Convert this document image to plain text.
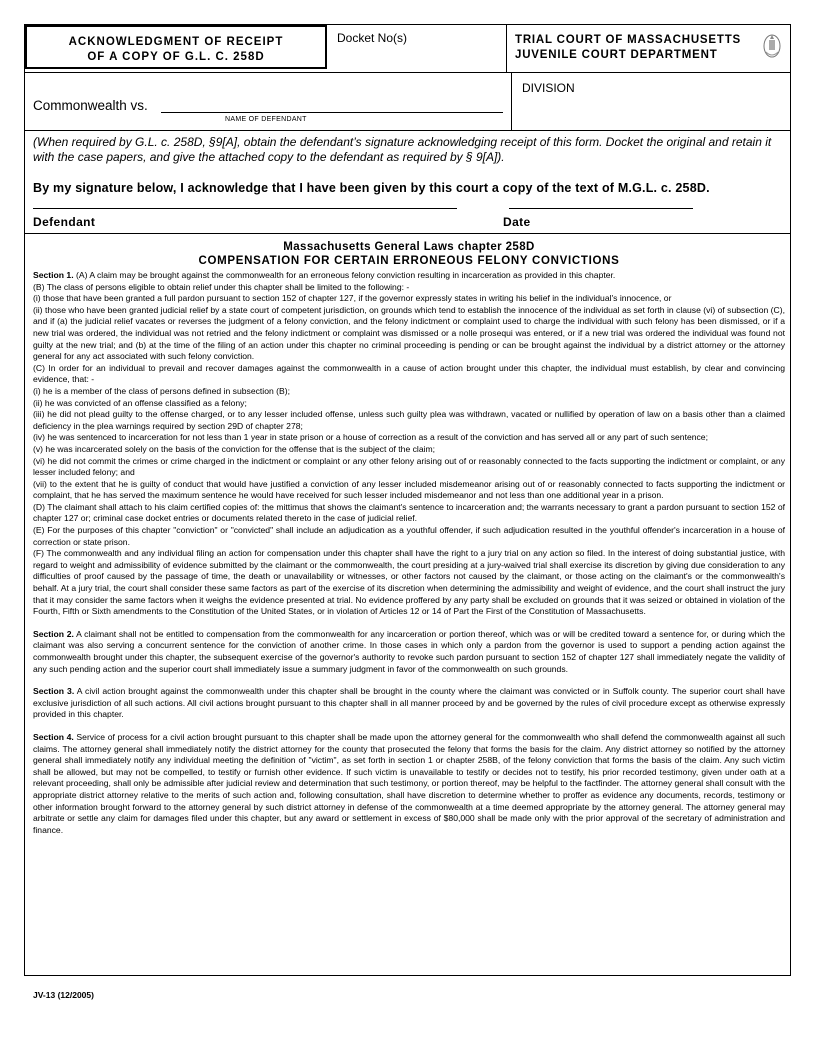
ACKNOWLEDGMENT OF RECEIPT
OF A COPY OF G.L. C. 258D
Docket No(s)	TRIAL COURT OF MASSACHUSETTS
JUVENILE COURT DEPARTMENT
Commonwealth vs.
NAME OF DEFENDANT
DIVISION
(When required by G.L. c. 258D, §9[A], obtain the defendant’s signature acknowledging receipt of this form. Docket the original and retain it with the case papers, and give the attached copy to the defendant as required by § 9[A]).
By my signature below, I acknowledge that I have been given by this court a copy of the text of M.G.L. c. 258D.
Defendant	Date
Massachusetts General Laws chapter 258D
COMPENSATION FOR CERTAIN ERRONEOUS FELONY CONVICTIONS

Section 1. (A) A claim may be brought against the commonwealth for an erroneous felony conviction resulting in incarceration as provided in this chapter.

(B) The class of persons eligible to obtain relief under this chapter shall be limited to the following: -

(i) those that have been granted a full pardon pursuant to section 152 of chapter 127, if the governor expressly states in writing his belief in the individual's innocence, or

(ii) those who have been granted judicial relief by a state court of competent jurisdiction, on grounds which tend to establish the innocence of the individual as set forth in clause (vi) of subsection (C), and if (a) the judicial relief vacates or reverses the judgment of a felony conviction, and the felony indictment or complaint used to charge the individual with such felony has been dismissed, or if a new trial was ordered, the individual was not retried and the felony indictment or complaint was dismissed or a nolle prosequi was entered, or if a new trial was ordered the individual was found not guilty at the new trial; and (b) at the time of the filing of an action under this chapter no criminal proceeding is pending or can be brought against the individual by a district attorney or the attorney general for any act associated with such felony conviction.

(C) In order for an individual to prevail and recover damages against the commonwealth in a cause of action brought under this chapter, the individual must establish, by clear and convincing evidence, that: -

(i) he is a member of the class of persons defined in subsection (B);

(ii) he was convicted of an offense classified as a felony;

(iii) he did not plead guilty to the offense charged, or to any lesser included offense, unless such guilty plea was withdrawn, vacated or nullified by operation of law on a basis other than a claimed deficiency in the plea warnings required by section 29D of chapter 278;

(iv) he was sentenced to incarceration for not less than 1 year in state prison or a house of correction as a result of the conviction and has served all or any part of such sentence;

(v) he was incarcerated solely on the basis of the conviction for the offense that is the subject of the claim;

(vi) he did not commit the crimes or crime charged in the indictment or complaint or any other felony arising out of or reasonably connected to the facts supporting the indictment or complaint, or any lesser included felony; and

(vii) to the extent that he is guilty of conduct that would have justified a conviction of any lesser included misdemeanor arising out of or reasonably connected to facts supporting the indictment or complaint, that he has served the maximum sentence he would have received for such lesser included misdemeanor and not less than one additional year in a prison.

(D) The claimant shall attach to his claim certified copies of: the mittimus that shows the claimant's sentence to incarceration and; the warrants necessary to grant a pardon pursuant to section 152 of chapter 127 or; criminal case docket entries or documents related thereto in the case of judicial relief.

(E) For the purposes of this chapter "conviction" or "convicted" shall include an adjudication as a youthful offender, if such adjudication resulted in the youthful offender's incarceration in a house of correction or state prison.

(F) The commonwealth and any individual filing an action for compensation under this chapter shall have the right to a jury trial on any action so filed. In the interest of doing substantial justice, with regard to weight and admissibility of evidence submitted by the claimant or the commonwealth, the court presiding at a jury-waived trial shall exercise its discretion by giving due consideration to any difficulties of proof caused by the passage of time, the death or unavailability or witnesses, or other factors not caused by the claimant, or those acting on the claimant's or the commonwealth's behalf. At a jury trial, the court shall consider these same factors as part of the exercise of its discretion when determining the admissibility and weight of evidence, and the court shall instruct the jury that it may consider the same factors when it weighs the evidence presented at trial. No evidence proffered by any party shall be excluded on grounds that it was seized or obtained in violation of the Fourth, Fifth or Sixth amendments to the Constitution of the United States, or in violation of Articles 12 or 14 of Part the First of the Constitution of Massachusetts.

Section 2. A claimant shall not be entitled to compensation from the commonwealth for any incarceration or portion thereof, which was or will be credited toward a sentence for, or during which the claimant was also serving a concurrent sentence for the conviction of another crime. In those cases in which only a pardon from the governor is used to support a pending action against the commonwealth brought under this chapter, the subsequent exercise of the governor's authority to revoke such pardon pursuant to section 152 of chapter 127 shall immediately negate the validity of any such pending action and the superior court shall immediately issue a summary judgment in favor of the commonwealth on such grounds.

Section 3. A civil action brought against the commonwealth under this chapter shall be brought in the county where the claimant was convicted or in Suffolk county. The superior court shall have exclusive jurisdiction of all such actions. All civil actions brought pursuant to this chapter shall in all manner proceed by and be governed by the rules of civil procedure except as otherwise expressly provided in this chapter.

Section 4. Service of process for a civil action brought pursuant to this chapter shall be made upon the attorney general for the commonwealth who shall defend the commonwealth against all such claims. The attorney general shall immediately notify the district attorney for the county that prosecuted the felony that forms the basis for the claim. Any district attorney so notified by the attorney general shall immediately notify any individual meeting the definition of "victim", as set forth in section 1 or chapter 258B, of the felony conviction that forms the basis of the claim. Any such victim shall be allowed, but may not be compelled, to testify or furnish other evidence. If such victim is unavailable to testify or decides not to testify, his prior recorded testimony, given under oath at a relevant proceeding, shall only be admissible after judicial review and determination that such testimony, or portion thereof, may be helpful to the factfinder. The attorney general shall consult with the appropriate district attorney relative to the merits of such action and, following consultation, shall have discretion to determine whether to proffer as evidence any documents, records, testimony or other information brought forward to the attorney general by such district attorney in defense of the commonwealth at a time deemed appropriate by the attorney general. The attorney general may arbitrate or settle any claim for damages filed under this chapter, but any award or settlement in excess of $80,000 shall be made only with the prior approval of the secretary of administration and finance.

JV-13 (12/2005)
